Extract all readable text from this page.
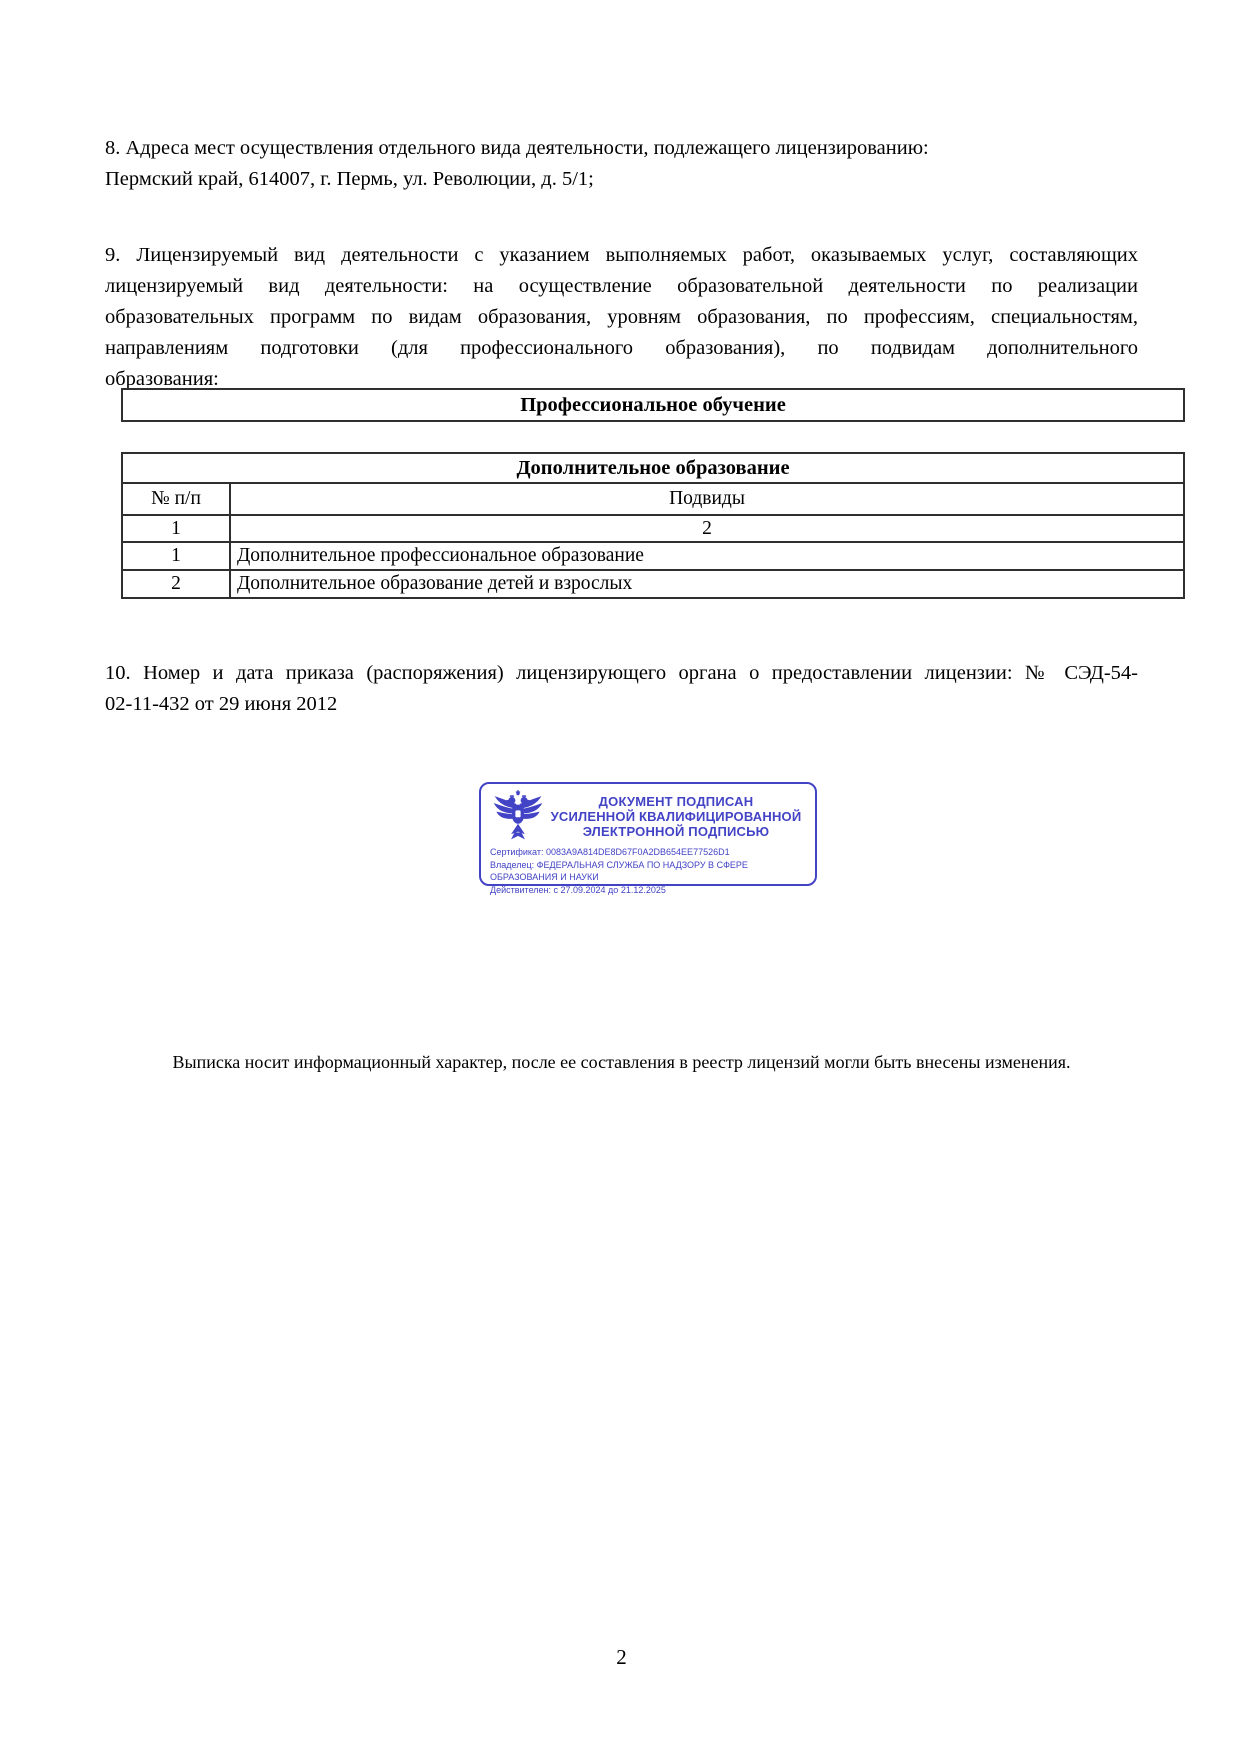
8. Адреса мест осуществления отдельного вида деятельности, подлежащего лицензированию:
Пермский край, 614007, г. Пермь, ул. Революции, д. 5/1;
9. Лицензируемый вид деятельности с указанием выполняемых работ, оказываемых услуг, составляющих
лицензируемый вид деятельности: на осуществление образовательной деятельности по реализации
образовательных программ по видам образования, уровням образования, по профессиям, специальностям,
направлениям подготовки (для профессионального образования), по подвидам дополнительного
образования:
Профессиональное обучение
Дополнительное образование	
№ п/п	Подвиды
1	2
1	Дополнительное профессиональное образование
2	Дополнительное образование детей и взрослых
10. Номер и дата приказа (распоряжения) лицензирующего органа о предоставлении лицензии: № СЭД-54-
02-11-432 от 29 июня 2012
ДОКУМЕНТ ПОДПИСАН
УСИЛЕННОЙ КВАЛИФИЦИРОВАННОЙ
ЭЛЕКТРОННОЙ ПОДПИСЬЮ
Сертификат: 0083A9A814DE8D67F0A2DB654EE77526D1
Владелец: ФЕДЕРАЛЬНАЯ СЛУЖБА ПО НАДЗОРУ В СФЕРЕ ОБРАЗОВАНИЯ И НАУКИ
Действителен: с 27.09.2024 до 21.12.2025
Выписка носит информационный характер, после ее составления в реестр лицензий могли быть внесены изменения.
2
